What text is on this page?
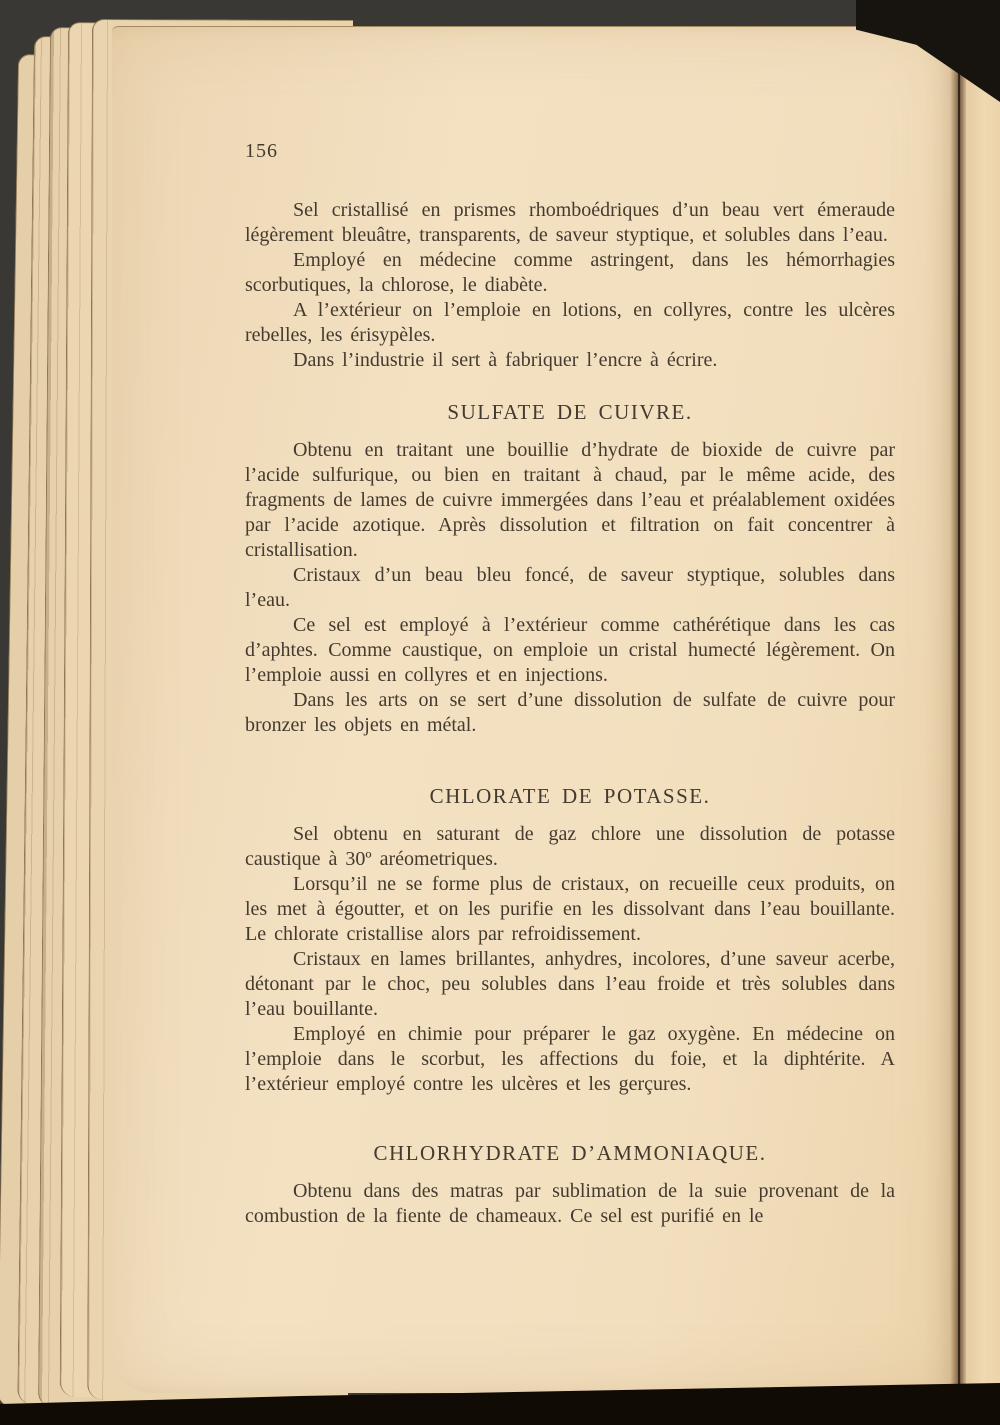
156

Sel cristallisé en prismes rhomboédriques d’un beau vert émeraude légèrement bleuâtre, transparents, de saveur styptique, et solubles dans l’eau.

Employé en médecine comme astringent, dans les hémorrhagies scorbutiques, la chlorose, le diabète.

A l’extérieur on l’emploie en lotions, en collyres, contre les ulcères rebelles, les érisypèles.

Dans l’industrie il sert à fabriquer l’encre à écrire.

SULFATE DE CUIVRE.

Obtenu en traitant une bouillie d’hydrate de bioxide de cuivre par l’acide sulfurique, ou bien en traitant à chaud, par le même acide, des fragments de lames de cuivre immergées dans l’eau et préalablement oxidées par l’acide azotique. Après dissolution et filtration on fait concentrer à cristallisation.

Cristaux d’un beau bleu foncé, de saveur styptique, solubles dans l’eau.

Ce sel est employé à l’extérieur comme cathérétique dans les cas d’aphtes. Comme caustique, on emploie un cristal humecté légèrement. On l’emploie aussi en collyres et en injections.

Dans les arts on se sert d’une dissolution de sulfate de cuivre pour bronzer les objets en métal.

CHLORATE DE POTASSE.

Sel obtenu en saturant de gaz chlore une dissolution de potasse caustique à 30º aréometriques.

Lorsqu’il ne se forme plus de cristaux, on recueille ceux produits, on les met à égoutter, et on les purifie en les dissolvant dans l’eau bouillante. Le chlorate cristallise alors par refroidissement.

Cristaux en lames brillantes, anhydres, incolores, d’une saveur acerbe, détonant par le choc, peu solubles dans l’eau froide et très solubles dans l’eau bouillante.

Employé en chimie pour préparer le gaz oxygène. En médecine on l’emploie dans le scorbut, les affections du foie, et la diphtérite. A l’extérieur employé contre les ulcères et les gerçures.

CHLORHYDRATE D’AMMONIAQUE.

Obtenu dans des matras par sublimation de la suie provenant de la combustion de la fiente de chameaux. Ce sel est purifié en le
